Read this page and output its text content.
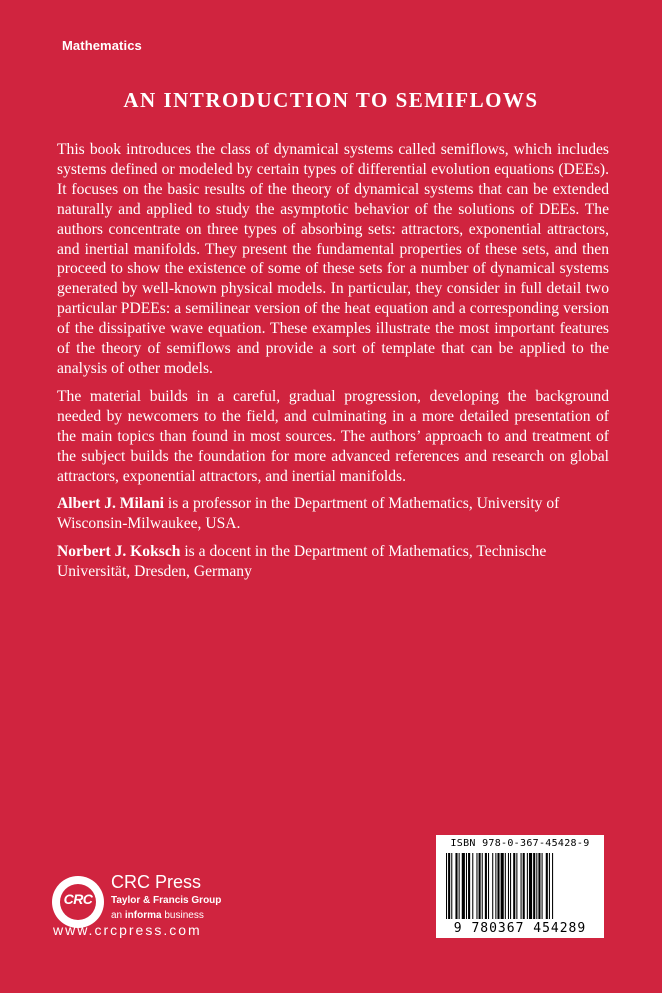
Mathematics
AN INTRODUCTION TO SEMIFLOWS

This book introduces the class of dynamical systems called semiflows, which includes systems defined or modeled by certain types of differential evolution equations (DEEs). It focuses on the basic results of the theory of dynamical systems that can be extended naturally and applied to study the asymptotic behavior of the solutions of DEEs. The authors concentrate on three types of absorbing sets: attractors, exponential attractors, and inertial manifolds. They present the fundamental properties of these sets, and then proceed to show the existence of some of these sets for a number of dynamical systems generated by well-known physical models. In particular, they consider in full detail two particular PDEEs: a semilinear version of the heat equation and a corresponding version of the dissipative wave equation. These examples illustrate the most important features of the theory of semiflows and provide a sort of template that can be applied to the analysis of other models.

The material builds in a careful, gradual progression, developing the background needed by newcomers to the field, and culminating in a more detailed presentation of the main topics than found in most sources. The authors’ approach to and treatment of the subject builds the foundation for more advanced references and research on global attractors, exponential attractors, and inertial manifolds.

Albert J. Milani is a professor in the Department of Mathematics, University of Wisconsin-Milwaukee, USA.

Norbert J. Koksch is a docent in the Department of Mathematics, Technische Universität, Dresden, Germany

CRC
CRC Press
Taylor & Francis Group
an informa business
www.crcpress.com
ISBN 978-0-367-45428-9
9 780367 454289
